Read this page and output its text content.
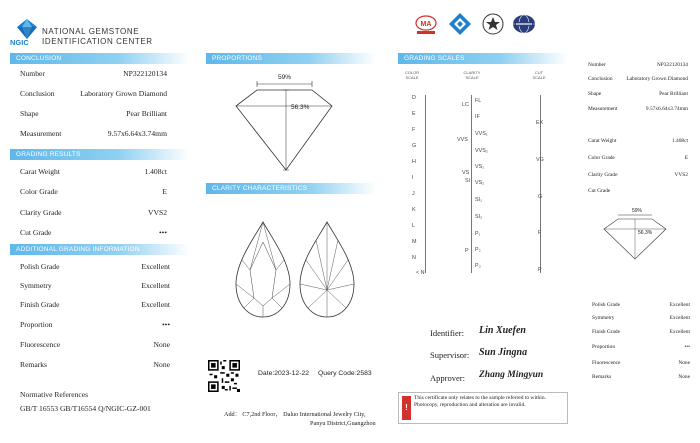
NGIC
NATIONAL GEMSTONE
IDENTIFICATION CENTER
CONCLUSION
Number	NP322120134
Conclusion	Laboratory Grown Diamond
Shape	Pear Brilliant
Measurement	9.57x6.64x3.74mm
GRADING RESULTS
Carat Weight	1.408ct
Color Grade	E
Clarity Grade	VVS2
Cut Grade	•••
ADDITIONAL GRADING INFORMATION
Polish Grade	Excellent
Symmetry	Excellent
Finish Grade	Excellent
Proportion	•••
Fluorescence	None
Remarks	None
Normative References
GB/T 16553 GB/T16554 Q/NGIC-GZ-001
PROPORTIONS
59%
56.3%
CLARITY CHARACTERISTICS
Date:2023-12-22 Query Code:2583
Add： C7,2nd Floor， Daluo International Jewelry City,
Panyu District,Guangzhou
MA
GRADING SCALES
COLOR
SCALE
CLARITY
SCALE
CUT
SCALE
D
E
F
G
H
I
J
K
L
M
N
< N
LC
VVS
VS
P
SI
FL
IF
VVS₁
VVS₂
VS₁
VS₂
SI₁
SI₂
P₁
P₂
P₃
EX
VG
G
F
P
Identifier: Lin Xuefen
Supervisor: Sun Jingna
Approver: Zhang Mingyun
!
This certificate only relates to the sample referred to within. Photocopy, reproduction and alteration are invalid.
Number	NP322120134
Conclusion	Laboratory Grown Diamond
Shape	Pear Brilliant
Measurement	9.57x6.64x3.74mm
Carat Weight	1.408ct
Color Grade	E
Clarity Grade	VVS2
Cut Grade
59%
56.3%
Polish Grade	Excellent
Symmetry	Excellent
Finish Grade	Excellent
Proportion	•••
Fluorescence	None
Remarks	None
